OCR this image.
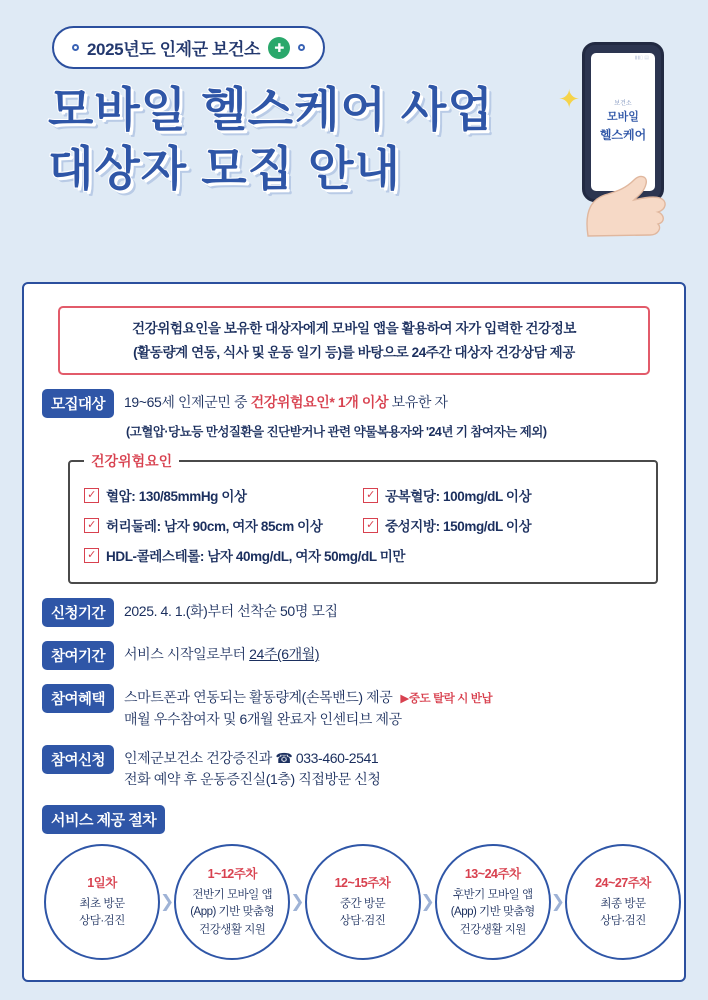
2025년도 인제군 보건소	✚
모바일 헬스케어 사업
대상자 모집 안내
✦
▮▮▯ ▤
보건소
모바일
헬스케어
건강위험요인을 보유한 대상자에게 모바일 앱을 활용하여 자가 입력한 건강정보
(활동량계 연동, 식사 및 운동 일기 등)를 바탕으로 24주간 대상자 건강상담 제공
모집대상	19~65세 인제군민 중 건강위험요인* 1개 이상 보유한 자
(고혈압·당뇨등 만성질환을 진단받거나 관련 약물복용자와 '24년 기 참여자는 제외)
건강위험요인
✓ 혈압: 130/85mmHg 이상	✓ 공복혈당: 100mg/dL 이상
✓ 허리둘레: 남자 90cm, 여자 85cm 이상	✓ 중성지방: 150mg/dL 이상
✓ HDL-콜레스테롤: 남자 40mg/dL, 여자 50mg/dL 미만
신청기간	2025. 4. 1.(화)부터 선착순 50명 모집
참여기간	서비스 시작일로부터 24주(6개월)
참여혜택	스마트폰과 연동되는 활동량계(손목밴드) 제공 ▶중도 탈락 시 반납
매월 우수참여자 및 6개월 완료자 인센티브 제공
참여신청	인제군보건소 건강증진과 ☎ 033-460-2541
전화 예약 후 운동증진실(1층) 직접방문 신청
서비스 제공 절차
1일차
최초 방문
상담·검진
❯
1~12주차
전반기 모바일 앱
(App) 기반 맞춤형
건강생활 지원
❯
12~15주차
중간 방문
상담·검진
❯
13~24주차
후반기 모바일 앱
(App) 기반 맞춤형
건강생활 지원
❯
24~27주차
최종 방문
상담·검진
